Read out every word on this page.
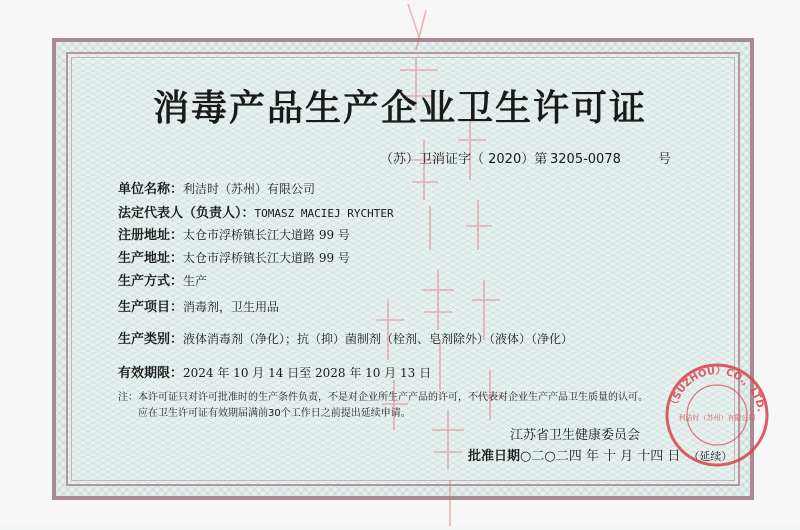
消毒产品生产企业卫生许可证
（苏）卫消证字（ 2020）第 3205-0078	号
单位名称：利洁时（苏州）有限公司
法定代表人（负责人）：TOMASZ MACIEJ RYCHTER
注册地址：太仓市浮桥镇长江大道路 99 号
生产地址：太仓市浮桥镇长江大道路 99 号
生产方式：生产
生产项目：消毒剂，卫生用品
生产类别：液体消毒剂（净化）；抗（抑）菌制剂（栓剂、皂剂除外）（液体）（净化）
有效期限：2024 年 10 月 14 日至 2028 年 10 月 13 日
注：本许可证只对许可批准时的生产条件负责，不是对企业所生产产品的许可，不代表对企业生产产品卫生质量的认可。
应在卫生许可证有效期届满前30个工作日之前提出延续申请。
江苏省卫生健康委员会
批准日期○二○二四 年 十 月 十四 日 （延续）
（SUZHOU）CO.，LTD.
利洁时（苏州）有限公司
